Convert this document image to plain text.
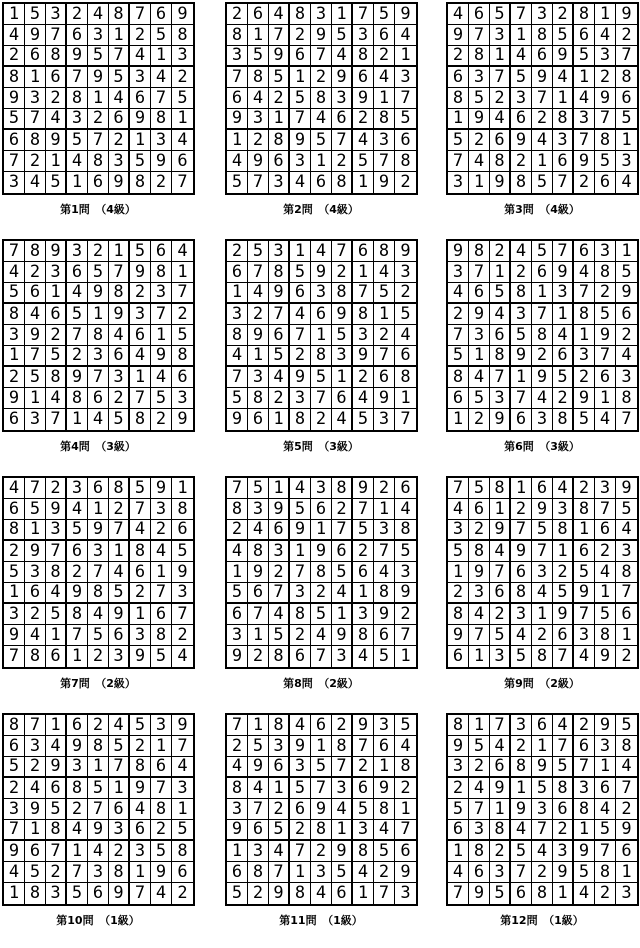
1 5 3 2 4 8 7 6 9
4 9 7 6 3 1 2 5 8
2 6 8 9 5 7 4 1 3
8 1 6 7 9 5 3 4 2
9 3 2 8 1 4 6 7 5
5 7 4 3 2 6 9 8 1
6 8 9 5 7 2 1 3 4
7 2 1 4 8 3 5 9 6
3 4 5 1 6 9 8 2 7
第1問　（4級）
2 6 4 8 3 1 7 5 9
8 1 7 2 9 5 3 6 4
3 5 9 6 7 4 8 2 1
7 8 5 1 2 9 6 4 3
6 4 2 5 8 3 9 1 7
9 3 1 7 4 6 2 8 5
1 2 8 9 5 7 4 3 6
4 9 6 3 1 2 5 7 8
5 7 3 4 6 8 1 9 2
第2問　（4級）
4 6 5 7 3 2 8 1 9
9 7 3 1 8 5 6 4 2
2 8 1 4 6 9 5 3 7
6 3 7 5 9 4 1 2 8
8 5 2 3 7 1 4 9 6
1 9 4 6 2 8 3 7 5
5 2 6 9 4 3 7 8 1
7 4 8 2 1 6 9 5 3
3 1 9 8 5 7 2 6 4
第3問　（4級）
7 8 9 3 2 1 5 6 4
4 2 3 6 5 7 9 8 1
5 6 1 4 9 8 2 3 7
8 4 6 5 1 9 3 7 2
3 9 2 7 8 4 6 1 5
1 7 5 2 3 6 4 9 8
2 5 8 9 7 3 1 4 6
9 1 4 8 6 2 7 5 3
6 3 7 1 4 5 8 2 9
第4問　（3級）
2 5 3 1 4 7 6 8 9
6 7 8 5 9 2 1 4 3
1 4 9 6 3 8 7 5 2
3 2 7 4 6 9 8 1 5
8 9 6 7 1 5 3 2 4
4 1 5 2 8 3 9 7 6
7 3 4 9 5 1 2 6 8
5 8 2 3 7 6 4 9 1
9 6 1 8 2 4 5 3 7
第5問　（3級）
9 8 2 4 5 7 6 3 1
3 7 1 2 6 9 4 8 5
4 6 5 8 1 3 7 2 9
2 9 4 3 7 1 8 5 6
7 3 6 5 8 4 1 9 2
5 1 8 9 2 6 3 7 4
8 4 7 1 9 5 2 6 3
6 5 3 7 4 2 9 1 8
1 2 9 6 3 8 5 4 7
第6問　（3級）
4 7 2 3 6 8 5 9 1
6 5 9 4 1 2 7 3 8
8 1 3 5 9 7 4 2 6
2 9 7 6 3 1 8 4 5
5 3 8 2 7 4 6 1 9
1 6 4 9 8 5 2 7 3
3 2 5 8 4 9 1 6 7
9 4 1 7 5 6 3 8 2
7 8 6 1 2 3 9 5 4
第7問　（2級）
7 5 1 4 3 8 9 2 6
8 3 9 5 6 2 7 1 4
2 4 6 9 1 7 5 3 8
4 8 3 1 9 6 2 7 5
1 9 2 7 8 5 6 4 3
5 6 7 3 2 4 1 8 9
6 7 4 8 5 1 3 9 2
3 1 5 2 4 9 8 6 7
9 2 8 6 7 3 4 5 1
第8問　（2級）
7 5 8 1 6 4 2 3 9
4 6 1 2 9 3 8 7 5
3 2 9 7 5 8 1 6 4
5 8 4 9 7 1 6 2 3
1 9 7 6 3 2 5 4 8
2 3 6 8 4 5 9 1 7
8 4 2 3 1 9 7 5 6
9 7 5 4 2 6 3 8 1
6 1 3 5 8 7 4 9 2
第9問　（2級）
8 7 1 6 2 4 5 3 9
6 3 4 9 8 5 2 1 7
5 2 9 3 1 7 8 6 4
2 4 6 8 5 1 9 7 3
3 9 5 2 7 6 4 8 1
7 1 8 4 9 3 6 2 5
9 6 7 1 4 2 3 5 8
4 5 2 7 3 8 1 9 6
1 8 3 5 6 9 7 4 2
第10問　（1級）
7 1 8 4 6 2 9 3 5
2 5 3 9 1 8 7 6 4
4 9 6 3 5 7 2 1 8
8 4 1 5 7 3 6 9 2
3 7 2 6 9 4 5 8 1
9 6 5 2 8 1 3 4 7
1 3 4 7 2 9 8 5 6
6 8 7 1 3 5 4 2 9
5 2 9 8 4 6 1 7 3
第11問　（1級）
8 1 7 3 6 4 2 9 5
9 5 4 2 1 7 6 3 8
3 2 6 8 9 5 7 1 4
2 4 9 1 5 8 3 6 7
5 7 1 9 3 6 8 4 2
6 3 8 4 7 2 1 5 9
1 8 2 5 4 3 9 7 6
4 6 3 7 2 9 5 8 1
7 9 5 6 8 1 4 2 3
第12問　（1級）
